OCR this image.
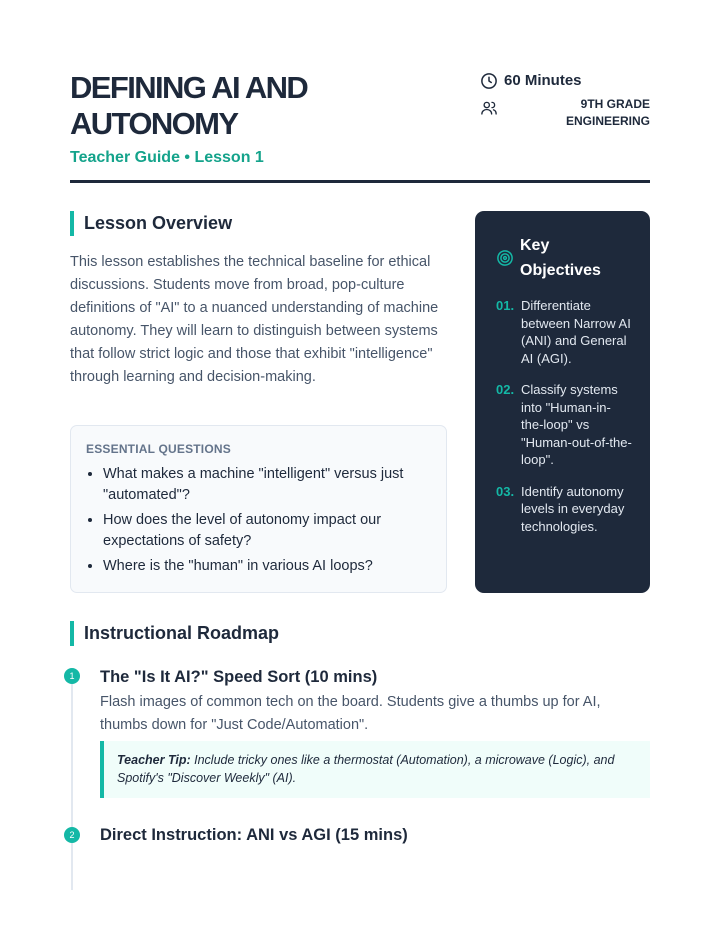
DEFINING AI AND AUTONOMY
Teacher Guide • Lesson 1
60 Minutes
9TH GRADE
ENGINEERING
Lesson Overview

This lesson establishes the technical baseline for ethical discussions. Students move from broad, pop-culture definitions of "AI" to a nuanced understanding of machine autonomy. They will learn to distinguish between systems that follow strict logic and those that exhibit "intelligence" through learning and decision-making.

ESSENTIAL QUESTIONS
• What makes a machine "intelligent" versus just "automated"?
• How does the level of autonomy impact our expectations of safety?
• Where is the "human" in various AI loops?
Key Objectives
01. Differentiate between Narrow AI (ANI) and General AI (AGI).
02. Classify systems into "Human-in-the-loop" vs "Human-out-of-the-loop".
03. Identify autonomy levels in everyday technologies.
Instructional Roadmap
1	The "Is It AI?" Speed Sort (10 mins)

Flash images of common tech on the board. Students give a thumbs up for AI, thumbs down for "Just Code/Automation".

Teacher Tip: Include tricky ones like a thermostat (Automation), a microwave (Logic), and Spotify's "Discover Weekly" (AI).
2	Direct Instruction: ANI vs AGI (15 mins)
